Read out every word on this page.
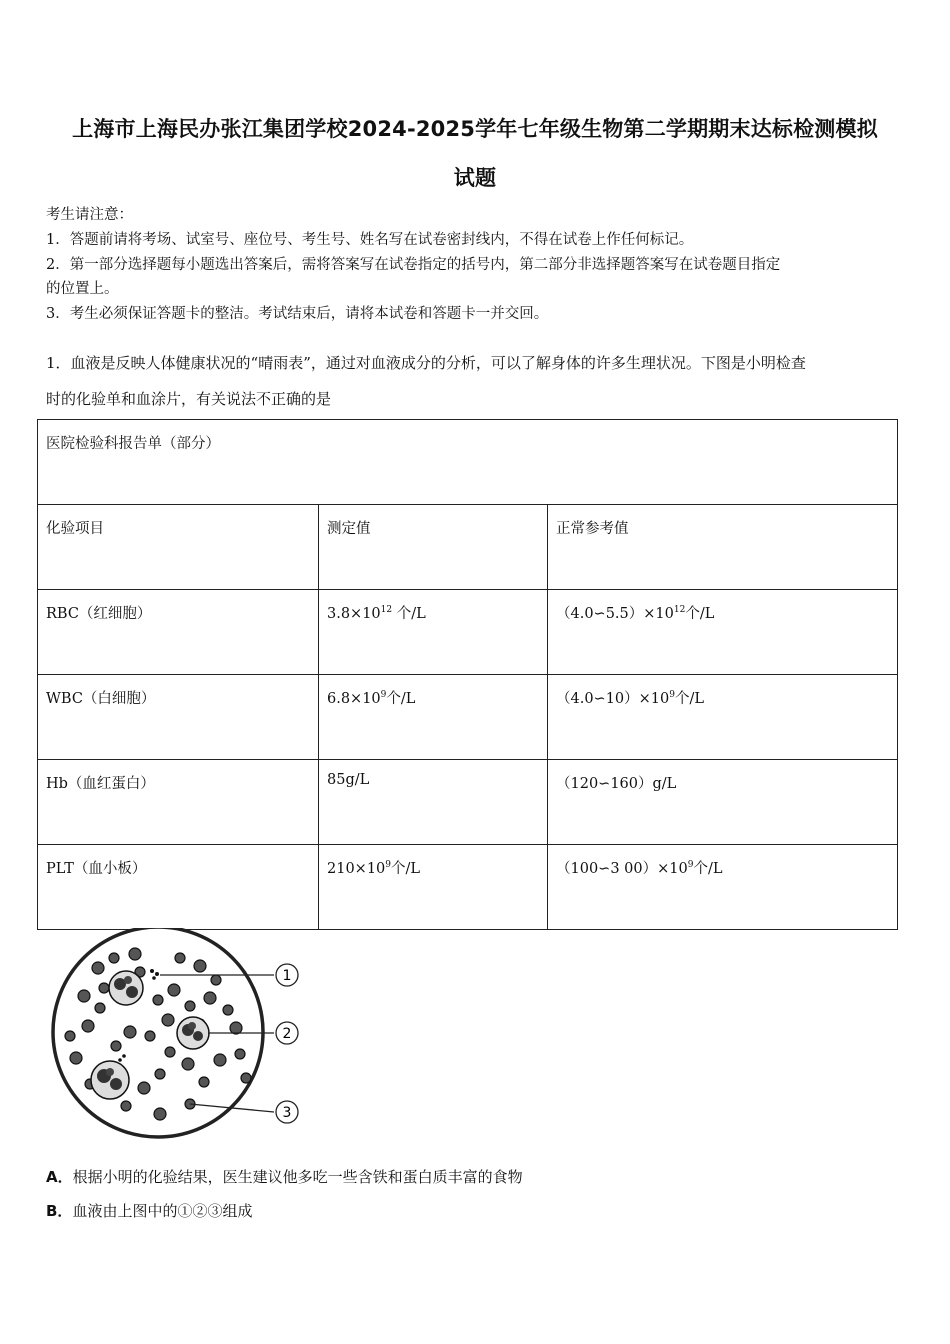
上海市上海民办张江集团学校2024-2025学年七年级生物第二学期期末达标检测模拟
试题
考生请注意：
1．答题前请将考场、试室号、座位号、考生号、姓名写在试卷密封线内，不得在试卷上作任何标记。
2．第一部分选择题每小题选出答案后，需将答案写在试卷指定的括号内，第二部分非选择题答案写在试卷题目指定
的位置上。
3．考生必须保证答题卡的整洁。考试结束后，请将本试卷和答题卡一并交回。
1．血液是反映人体健康状况的“晴雨表”，通过对血液成分的分析，可以了解身体的许多生理状况。下图是小明检查
时的化验单和血涂片，有关说法不正确的是
医院检验科报告单（部分）		
化验项目	测定值	正常参考值
RBC（红细胞）	$3.8\times 10^{12}$ 个/L	$(4.0∽5.5)\times 10^{12}$个/L
WBC（白细胞）	$6.8\times 10^9$个/L	$(4.0∽10)\times 10^9$个/L
Hb（血红蛋白）	85g/L	（120∽160）g/L
PLT（血小板）	$210\times 10^9$个/L	（100∽3 $00)\times 10^9$个/L
1
2
3
A．根据小明的化验结果，医生建议他多吃一些含铁和蛋白质丰富的食物
B．血液由上图中的①②③组成
